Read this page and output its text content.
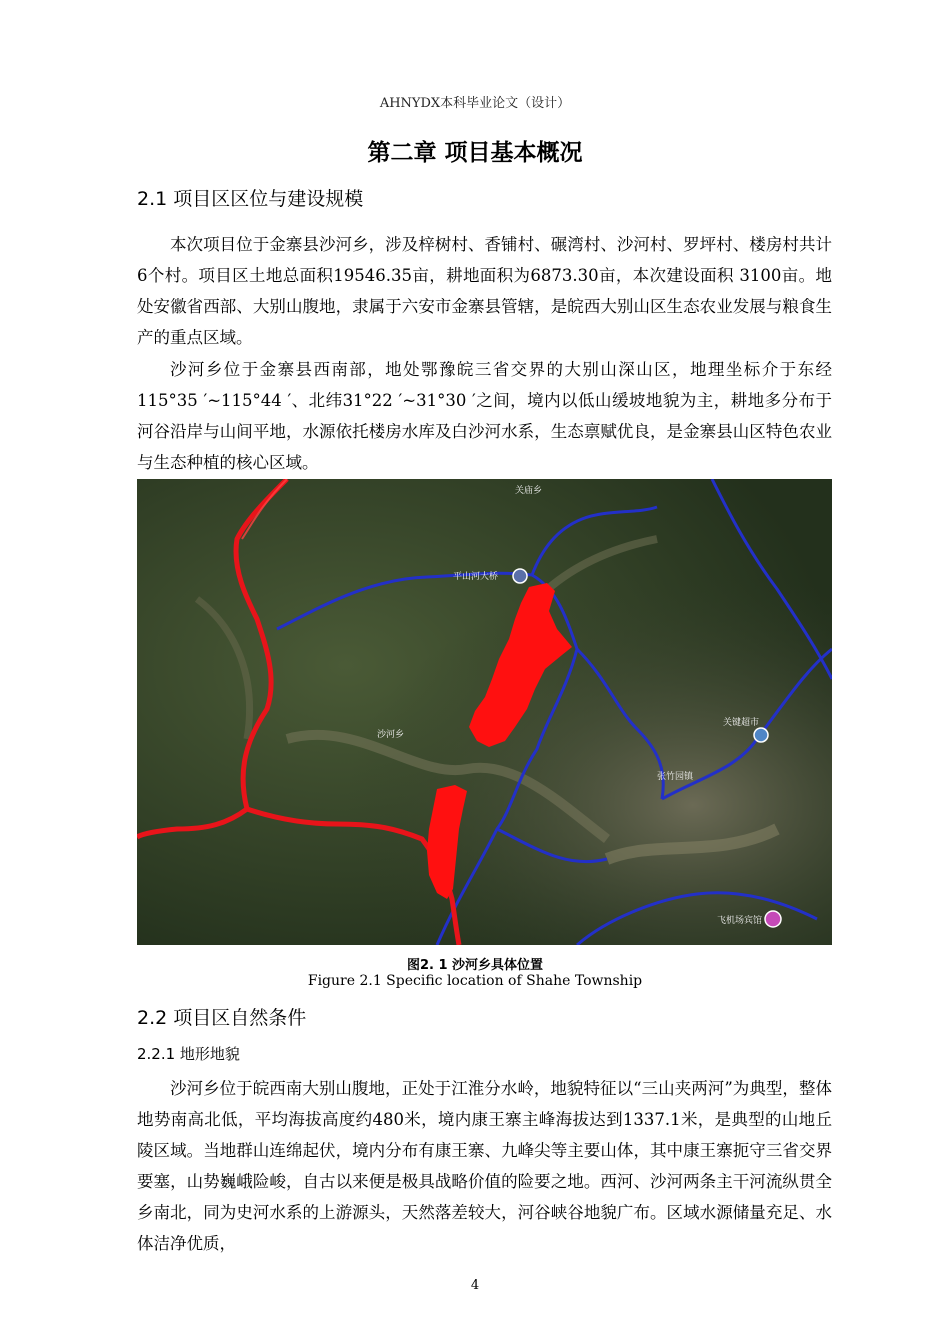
AHNYDX本科毕业论文（设计）
第二章 项目基本概况
2.1 项目区区位与建设规模

本次项目位于金寨县沙河乡，涉及梓树村、香铺村、碾湾村、沙河村、罗坪村、楼房村共计6个村。项目区土地总面积19546.35亩，耕地面积为6873.30亩，本次建设面积 3100亩。地处安徽省西部、大别山腹地，隶属于六安市金寨县管辖，是皖西大别山区生态农业发展与粮食生产的重点区域。

沙河乡位于金寨县西南部，地处鄂豫皖三省交界的大别山深山区，地理坐标介于东经115°35 ′~115°44 ′、北纬31°22 ′~31°30 ′之间，境内以低山缓坡地貌为主，耕地多分布于河谷沿岸与山间平地，水源依托楼房水库及白沙河水系，生态禀赋优良，是金寨县山区特色农业与生态种植的核心区域。

关庙乡
平山河大桥
沙河乡
关键超市
张竹园镇
飞机场宾馆
图2. 1 沙河乡具体位置
Figure 2.1 Specific location of Shahe Township
2.2 项目区自然条件
2.2.1 地形地貌

沙河乡位于皖西南大别山腹地，正处于江淮分水岭，地貌特征以“三山夹两河”为典型，整体地势南高北低，平均海拔高度约480米，境内康王寨主峰海拔达到1337.1米，是典型的山地丘陵区域。当地群山连绵起伏，境内分布有康王寨、九峰尖等主要山体，其中康王寨扼守三省交界要塞，山势巍峨险峻，自古以来便是极具战略价值的险要之地。西河、沙河两条主干河流纵贯全乡南北，同为史河水系的上游源头，天然落差较大，河谷峡谷地貌广布。区域水源储量充足、水体洁净优质，

4
